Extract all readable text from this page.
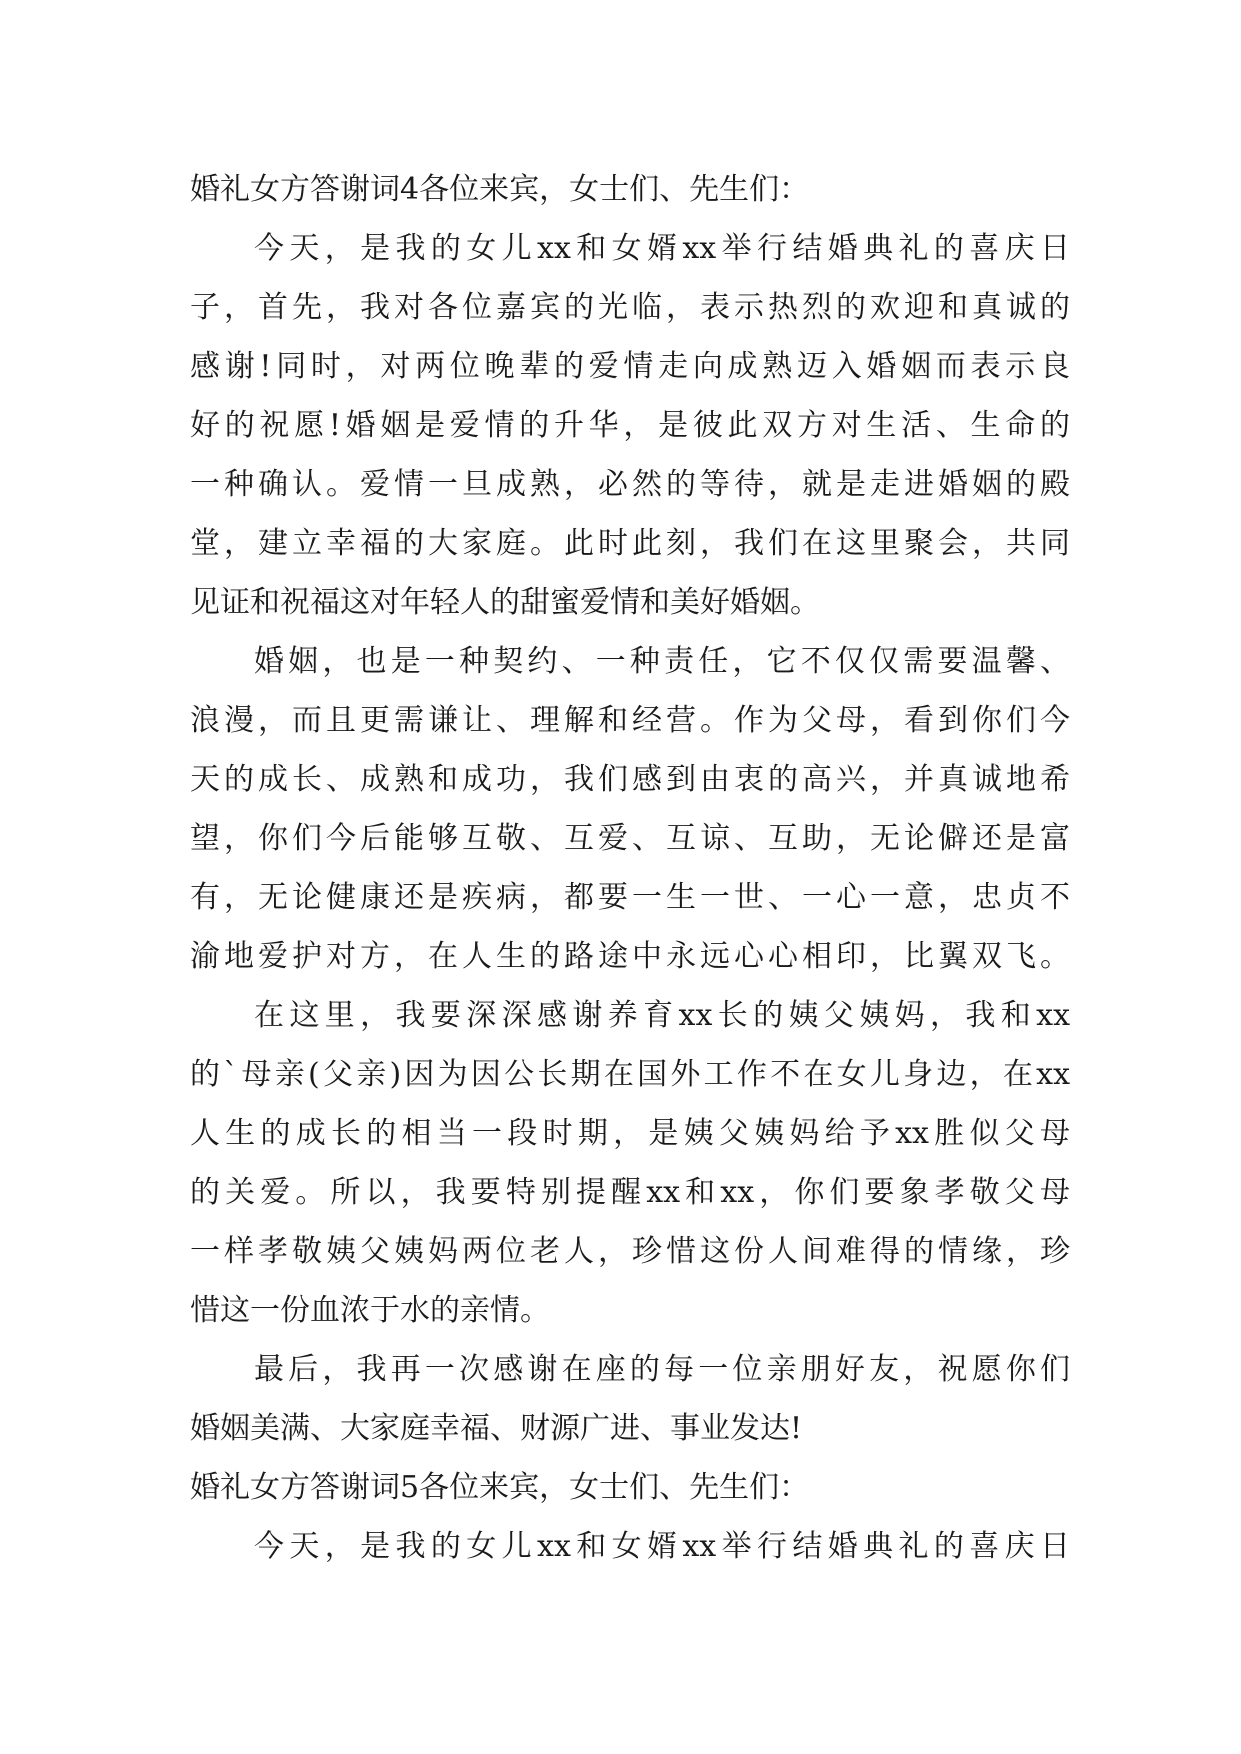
婚礼女方答谢词4各位来宾，女士们、先生们：
今天，是我的女儿xx和女婿xx举行结婚典礼的喜庆日
子，首先，我对各位嘉宾的光临，表示热烈的欢迎和真诚的
感谢!同时，对两位晚辈的爱情走向成熟迈入婚姻而表示良
好的祝愿!婚姻是爱情的升华，是彼此双方对生活、生命的
一种确认。爱情一旦成熟，必然的等待，就是走进婚姻的殿
堂，建立幸福的大家庭。此时此刻，我们在这里聚会，共同
见证和祝福这对年轻人的甜蜜爱情和美好婚姻。
婚姻，也是一种契约、一种责任，它不仅仅需要温馨、
浪漫，而且更需谦让、理解和经营。作为父母，看到你们今
天的成长、成熟和成功，我们感到由衷的高兴，并真诚地希
望，你们今后能够互敬、互爱、互谅、互助，无论僻还是富
有，无论健康还是疾病，都要一生一世、一心一意，忠贞不
渝地爱护对方，在人生的路途中永远心心相印，比翼双飞。
在这里，我要深深感谢养育xx长的姨父姨妈，我和xx
的`母亲(父亲)因为因公长期在国外工作不在女儿身边，在xx
人生的成长的相当一段时期，是姨父姨妈给予xx胜似父母
的关爱。所以，我要特别提醒xx和xx，你们要象孝敬父母
一样孝敬姨父姨妈两位老人，珍惜这份人间难得的情缘，珍
惜这一份血浓于水的亲情。
最后，我再一次感谢在座的每一位亲朋好友，祝愿你们
婚姻美满、大家庭幸福、财源广进、事业发达!
婚礼女方答谢词5各位来宾，女士们、先生们：
今天，是我的女儿xx和女婿xx举行结婚典礼的喜庆日
